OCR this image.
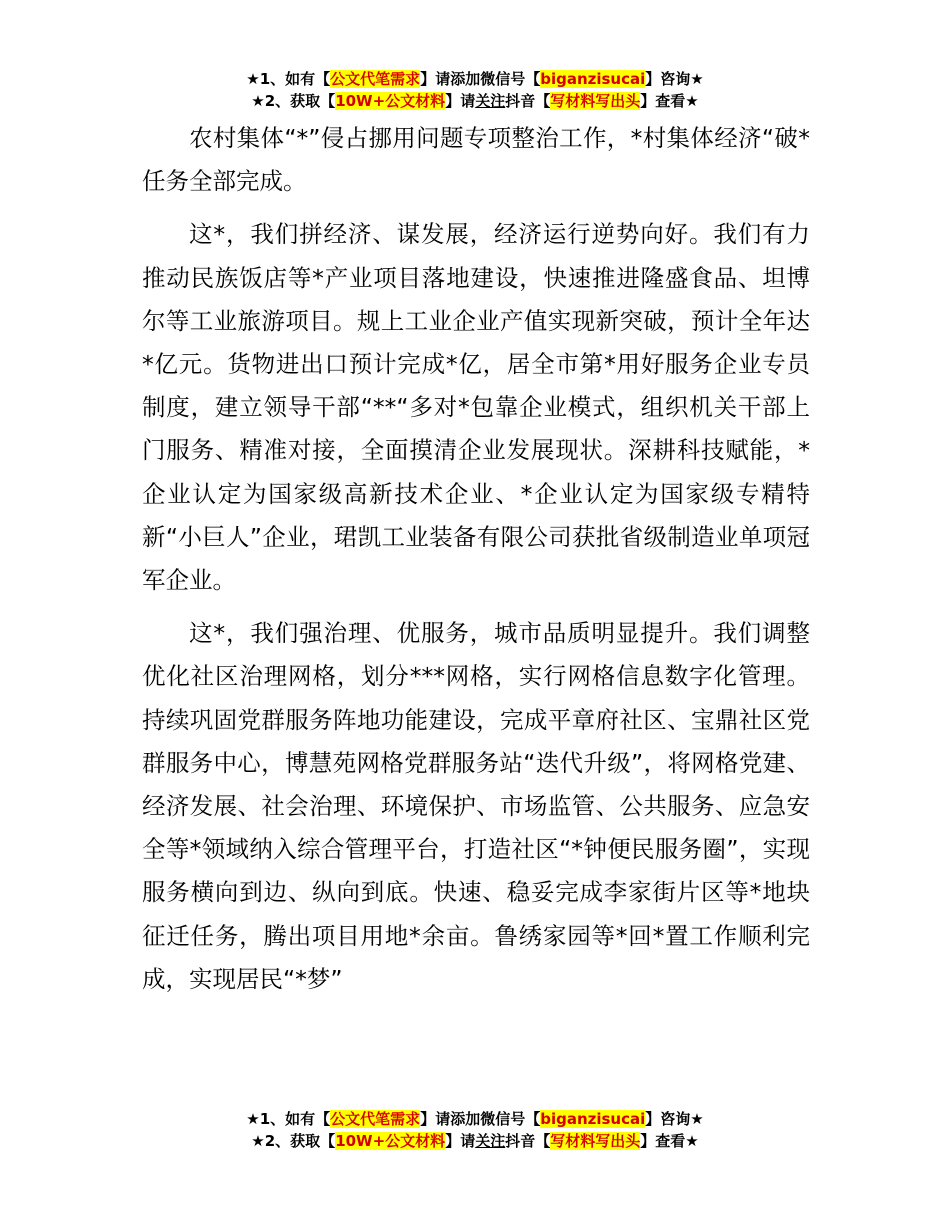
★1、如有【公文代笔需求】请添加微信号【biganzisucai】咨询★
★2、获取【10W+公文材料】请关注抖音【写材料写出头】查看★

农村集体“*”侵占挪用问题专项整治工作，*村集体经济“破*任务全部完成。

这*，我们拼经济、谋发展，经济运行逆势向好。我们有力推动民族饭店等*产业项目落地建设，快速推进隆盛食品、坦博尔等工业旅游项目。规上工业企业产值实现新突破，预计全年达*亿元。货物进出口预计完成*亿，居全市第*用好服务企业专员制度，建立领导干部“**“多对*包靠企业模式，组织机关干部上门服务、精准对接，全面摸清企业发展现状。深耕科技赋能，*企业认定为国家级高新技术企业、*企业认定为国家级专精特新“小巨人”企业，珺凯工业装备有限公司获批省级制造业单项冠军企业。

这*，我们强治理、优服务，城市品质明显提升。我们调整优化社区治理网格，划分***网格，实行网格信息数字化管理。持续巩固党群服务阵地功能建设，完成平章府社区、宝鼎社区党群服务中心，博慧苑网格党群服务站“迭代升级”，将网格党建、经济发展、社会治理、环境保护、市场监管、公共服务、应急安全等*领域纳入综合管理平台，打造社区“*钟便民服务圈”，实现服务横向到边、纵向到底。快速、稳妥完成李家街片区等*地块征迁任务，腾出项目用地*余亩。鲁绣家园等*回*置工作顺利完成，实现居民“*梦”

★1、如有【公文代笔需求】请添加微信号【biganzisucai】咨询★
★2、获取【10W+公文材料】请关注抖音【写材料写出头】查看★
